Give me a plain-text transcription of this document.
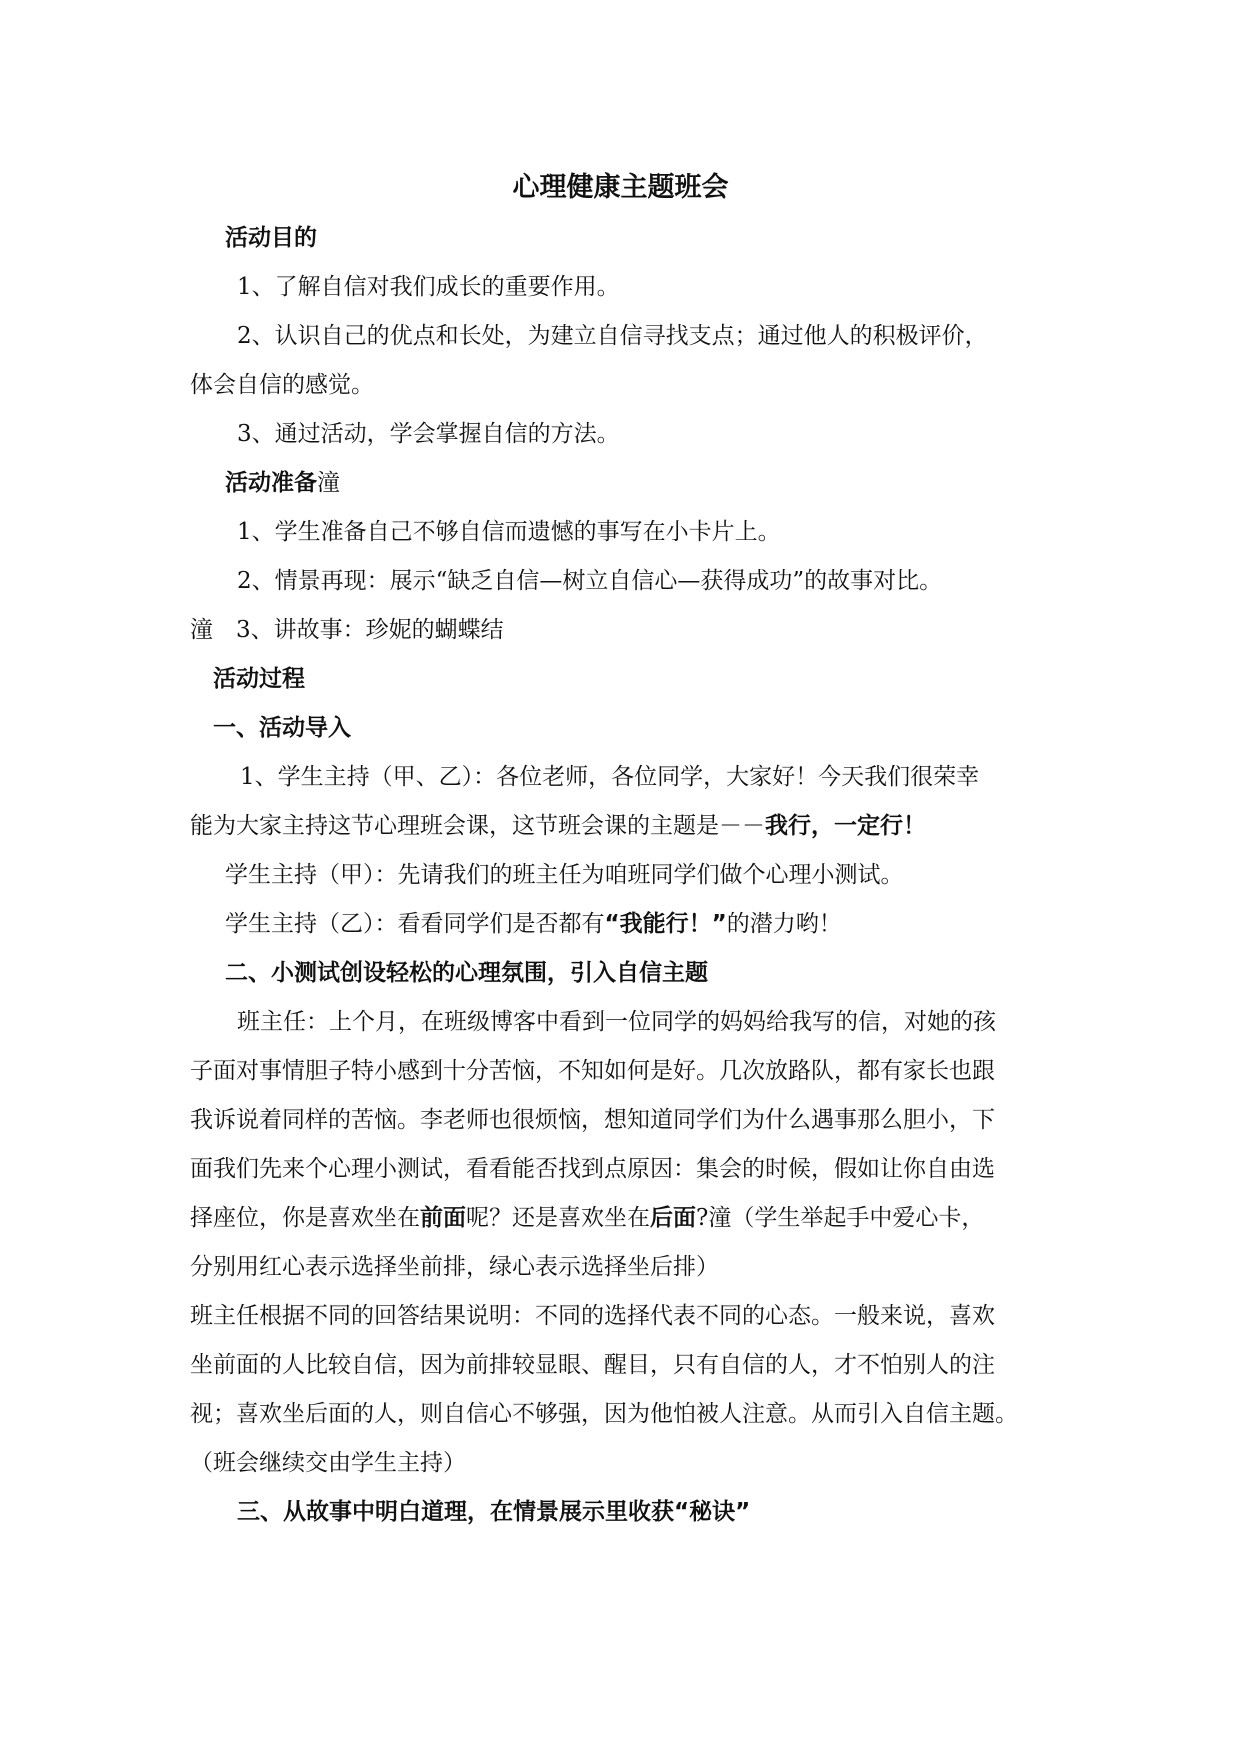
心理健康主题班会

活动目的

1、了解自信对我们成长的重要作用。

2、认识自己的优点和长处，为建立自信寻找支点；通过他人的积极评价，

体会自信的感觉。

3、通过活动，学会掌握自信的方法。

活动准备潼

1、学生准备自己不够自信而遗憾的事写在小卡片上。

2、情景再现：展示“缺乏自信—树立自信心—获得成功”的故事对比。

潼 3、讲故事：珍妮的蝴蝶结

活动过程

一、活动导入

1、学生主持（甲、乙）：各位老师，各位同学，大家好！今天我们很荣幸

能为大家主持这节心理班会课，这节班会课的主题是－－我行，一定行！

学生主持（甲）：先请我们的班主任为咱班同学们做个心理小测试。

学生主持（乙）：看看同学们是否都有“我能行！”的潜力哟！

二、小测试创设轻松的心理氛围，引入自信主题

班主任：上个月，在班级博客中看到一位同学的妈妈给我写的信，对她的孩

子面对事情胆子特小感到十分苦恼，不知如何是好。几次放路队，都有家长也跟

我诉说着同样的苦恼。李老师也很烦恼，想知道同学们为什么遇事那么胆小，下

面我们先来个心理小测试，看看能否找到点原因：集会的时候，假如让你自由选

择座位，你是喜欢坐在前面呢？还是喜欢坐在后面?潼（学生举起手中爱心卡，

分别用红心表示选择坐前排，绿心表示选择坐后排）

班主任根据不同的回答结果说明：不同的选择代表不同的心态。一般来说，喜欢

坐前面的人比较自信，因为前排较显眼、醒目，只有自信的人，才不怕别人的注

视；喜欢坐后面的人，则自信心不够强，因为他怕被人注意。从而引入自信主题。

（班会继续交由学生主持）

三、从故事中明白道理，在情景展示里收获“秘诀”
